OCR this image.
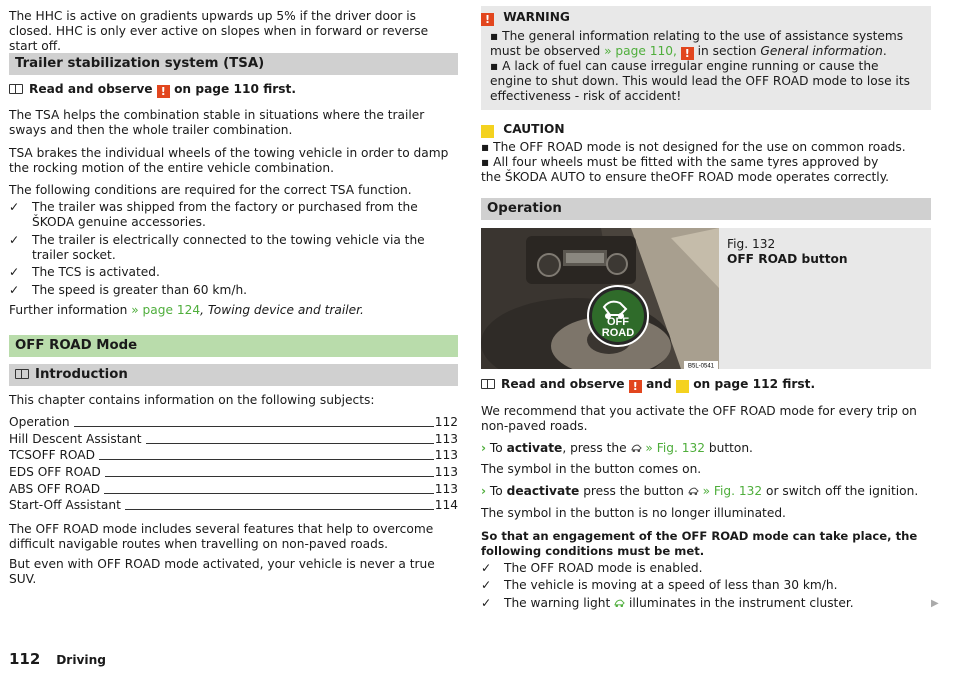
The HHC is active on gradients upwards up 5% if the driver door is closed. HHC is only ever active on slopes when in forward or reverse start off.

Trailer stabilization system (TSA)
Read and observe ! on page 110 first.

The TSA helps the combination stable in situations where the trailer sways and then the whole trailer combination.

TSA brakes the individual wheels of the towing vehicle in order to damp the rocking motion of the entire vehicle combination.

The following conditions are required for the correct TSA function.

✓ The trailer was shipped from the factory or purchased from the ŠKODA genuine accessories.
✓ The trailer is electrically connected to the towing vehicle via the trailer socket.
✓ The TCS is activated.
✓ The speed is greater than 60 km/h.

Further information » page 124, Towing device and trailer.

OFF ROAD Mode
Introduction

This chapter contains information on the following subjects:

Operation	112
Hill Descent Assistant	113
TCSOFF ROAD	113
EDS OFF ROAD	113
ABS OFF ROAD	113
Start-Off Assistant	114

The OFF ROAD mode includes several features that help to overcome difficult navigable routes when travelling on non-paved roads.

But even with OFF ROAD mode activated, your vehicle is never a true SUV.

! WARNING

▪ The general information relating to the use of assistance systems must be observed » page 110, ! in section General information.

▪ A lack of fuel can cause irregular engine running or cause the engine to shut down. This would lead the OFF ROAD mode to lose its effectiveness - risk of accident!

! CAUTION

▪ The OFF ROAD mode is not designed for the use on common roads.

▪ All four wheels must be fitted with the same tyres approved by the ŠKODA AUTO to ensure theOFF ROAD mode operates correctly.

Operation
OFF
ROAD
B5L-0541
Fig. 132
OFF ROAD button
Read and observe ! and ! on page 112 first.

We recommend that you activate the OFF ROAD mode for every trip on non-paved roads.

› To activate, press the » Fig. 132 button.

The symbol in the button comes on.

› To deactivate press the button » Fig. 132 or switch off the ignition.

The symbol in the button is no longer illuminated.

So that an engagement of the OFF ROAD mode can take place, the following conditions must be met.

✓ The OFF ROAD mode is enabled.
✓ The vehicle is moving at a speed of less than 30 km/h.
✓ The warning light illuminates in the instrument cluster.	▶
112 Driving
